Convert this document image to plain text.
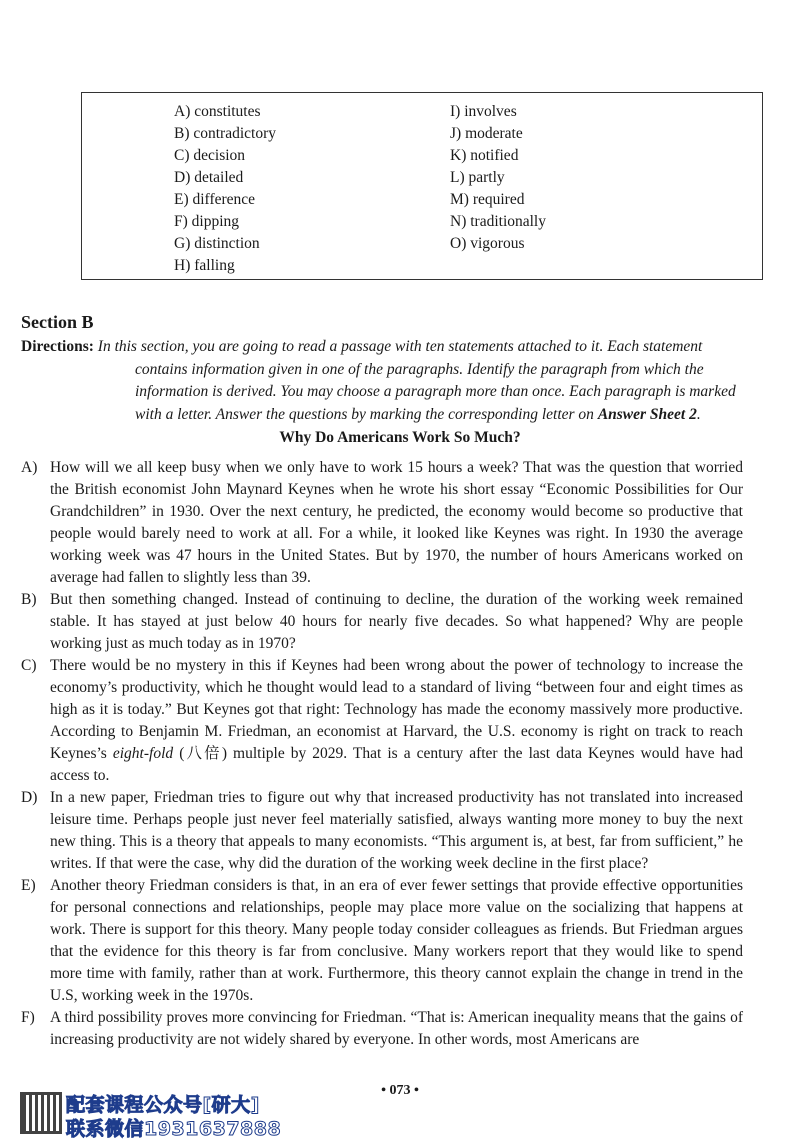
A) constitutes
B) contradictory
C) decision
D) detailed
E) difference
F) dipping
G) distinction
H) falling
I) involves
J) moderate
K) notified
L) partly
M) required
N) traditionally
O) vigorous
Section B
Directions: In this section, you are going to read a passage with ten statements attached to it. Each statement
contains information given in one of the paragraphs. Identify the paragraph from which the information is derived. You may choose a paragraph more than once. Each paragraph is marked with a letter. Answer the questions by marking the corresponding letter on Answer Sheet 2.
Why Do Americans Work So Much?
A) How will we all keep busy when we only have to work 15 hours a week? That was the question that worried the British economist John Maynard Keynes when he wrote his short essay “Economic Possibilities for Our Grandchildren” in 1930. Over the next century, he predicted, the economy would become so productive that people would barely need to work at all. For a while, it looked like Keynes was right. In 1930 the average working week was 47 hours in the United States. But by 1970, the number of hours Americans worked on average had fallen to slightly less than 39.
B) But then something changed. Instead of continuing to decline, the duration of the working week remained stable. It has stayed at just below 40 hours for nearly five decades. So what happened? Why are people working just as much today as in 1970?
C) There would be no mystery in this if Keynes had been wrong about the power of technology to increase the economy’s productivity, which he thought would lead to a standard of living “between four and eight times as high as it is today.” But Keynes got that right: Technology has made the economy massively more productive. According to Benjamin M. Friedman, an economist at Harvard, the U.S. economy is right on track to reach Keynes’s eight-fold (八倍) multiple by 2029. That is a century after the last data Keynes would have had access to.
D) In a new paper, Friedman tries to figure out why that increased productivity has not translated into increased leisure time. Perhaps people just never feel materially satisfied, always wanting more money to buy the next new thing. This is a theory that appeals to many economists. “This argument is, at best, far from sufficient,” he writes. If that were the case, why did the duration of the working week decline in the first place?
E) Another theory Friedman considers is that, in an era of ever fewer settings that provide effective opportunities for personal connections and relationships, people may place more value on the socializing that happens at work. There is support for this theory. Many people today consider colleagues as friends. But Friedman argues that the evidence for this theory is far from conclusive. Many workers report that they would like to spend more time with family, rather than at work. Furthermore, this theory cannot explain the change in trend in the U.S, working week in the 1970s.
F) A third possibility proves more convincing for Friedman. “That is: American inequality means that the gains of increasing productivity are not widely shared by everyone. In other words, most Americans are
• 073 •
配套课程公众号[研大]
联系微信1931637888
